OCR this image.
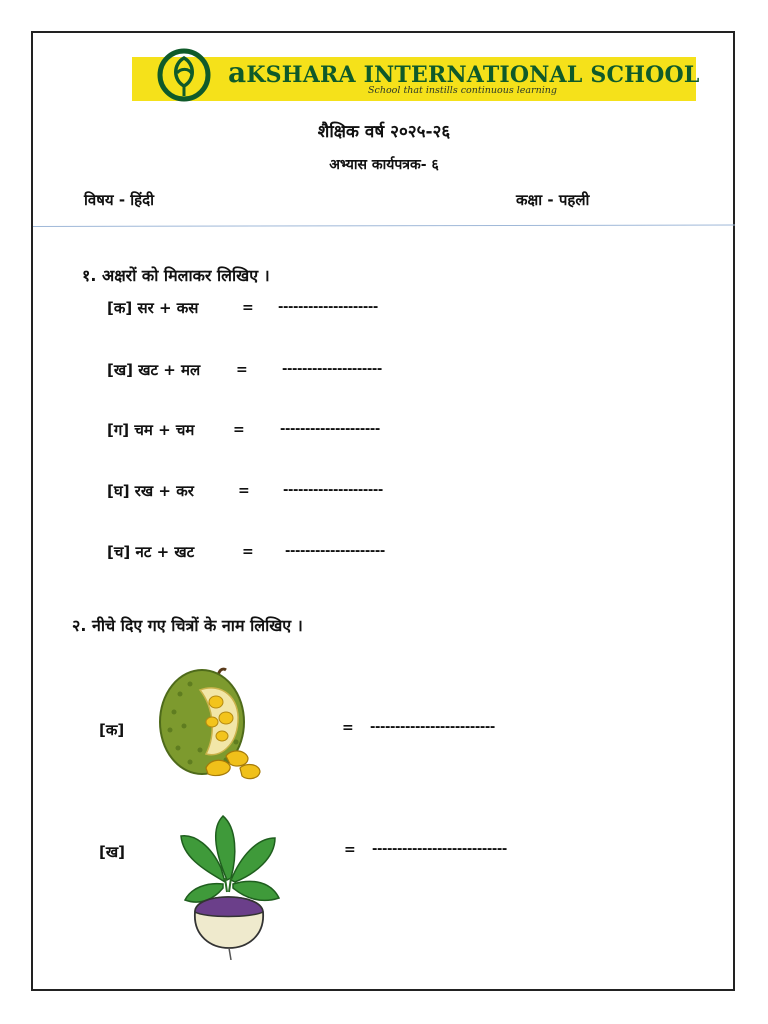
aKSHARA INTERNATIONAL SCHOOL
School that instills continuous learning
शैक्षिक वर्ष २०२५-२६
अभ्यास कार्यपत्रक- ६
विषय - हिंदी	कक्षा - पहली
१. अक्षरों को मिलाकर लिखिए ।
[क] सर + कस	= --------------------
[ख] खट + मल	=	--------------------
[ग] चम + चम	=	--------------------
[घ] रख + कर	=	--------------------
[च] नट + खट	= --------------------
२. नीचे दिए गए चित्रों के नाम लिखिए ।
[क]	= -------------------------
[ख]	= ---------------------------
